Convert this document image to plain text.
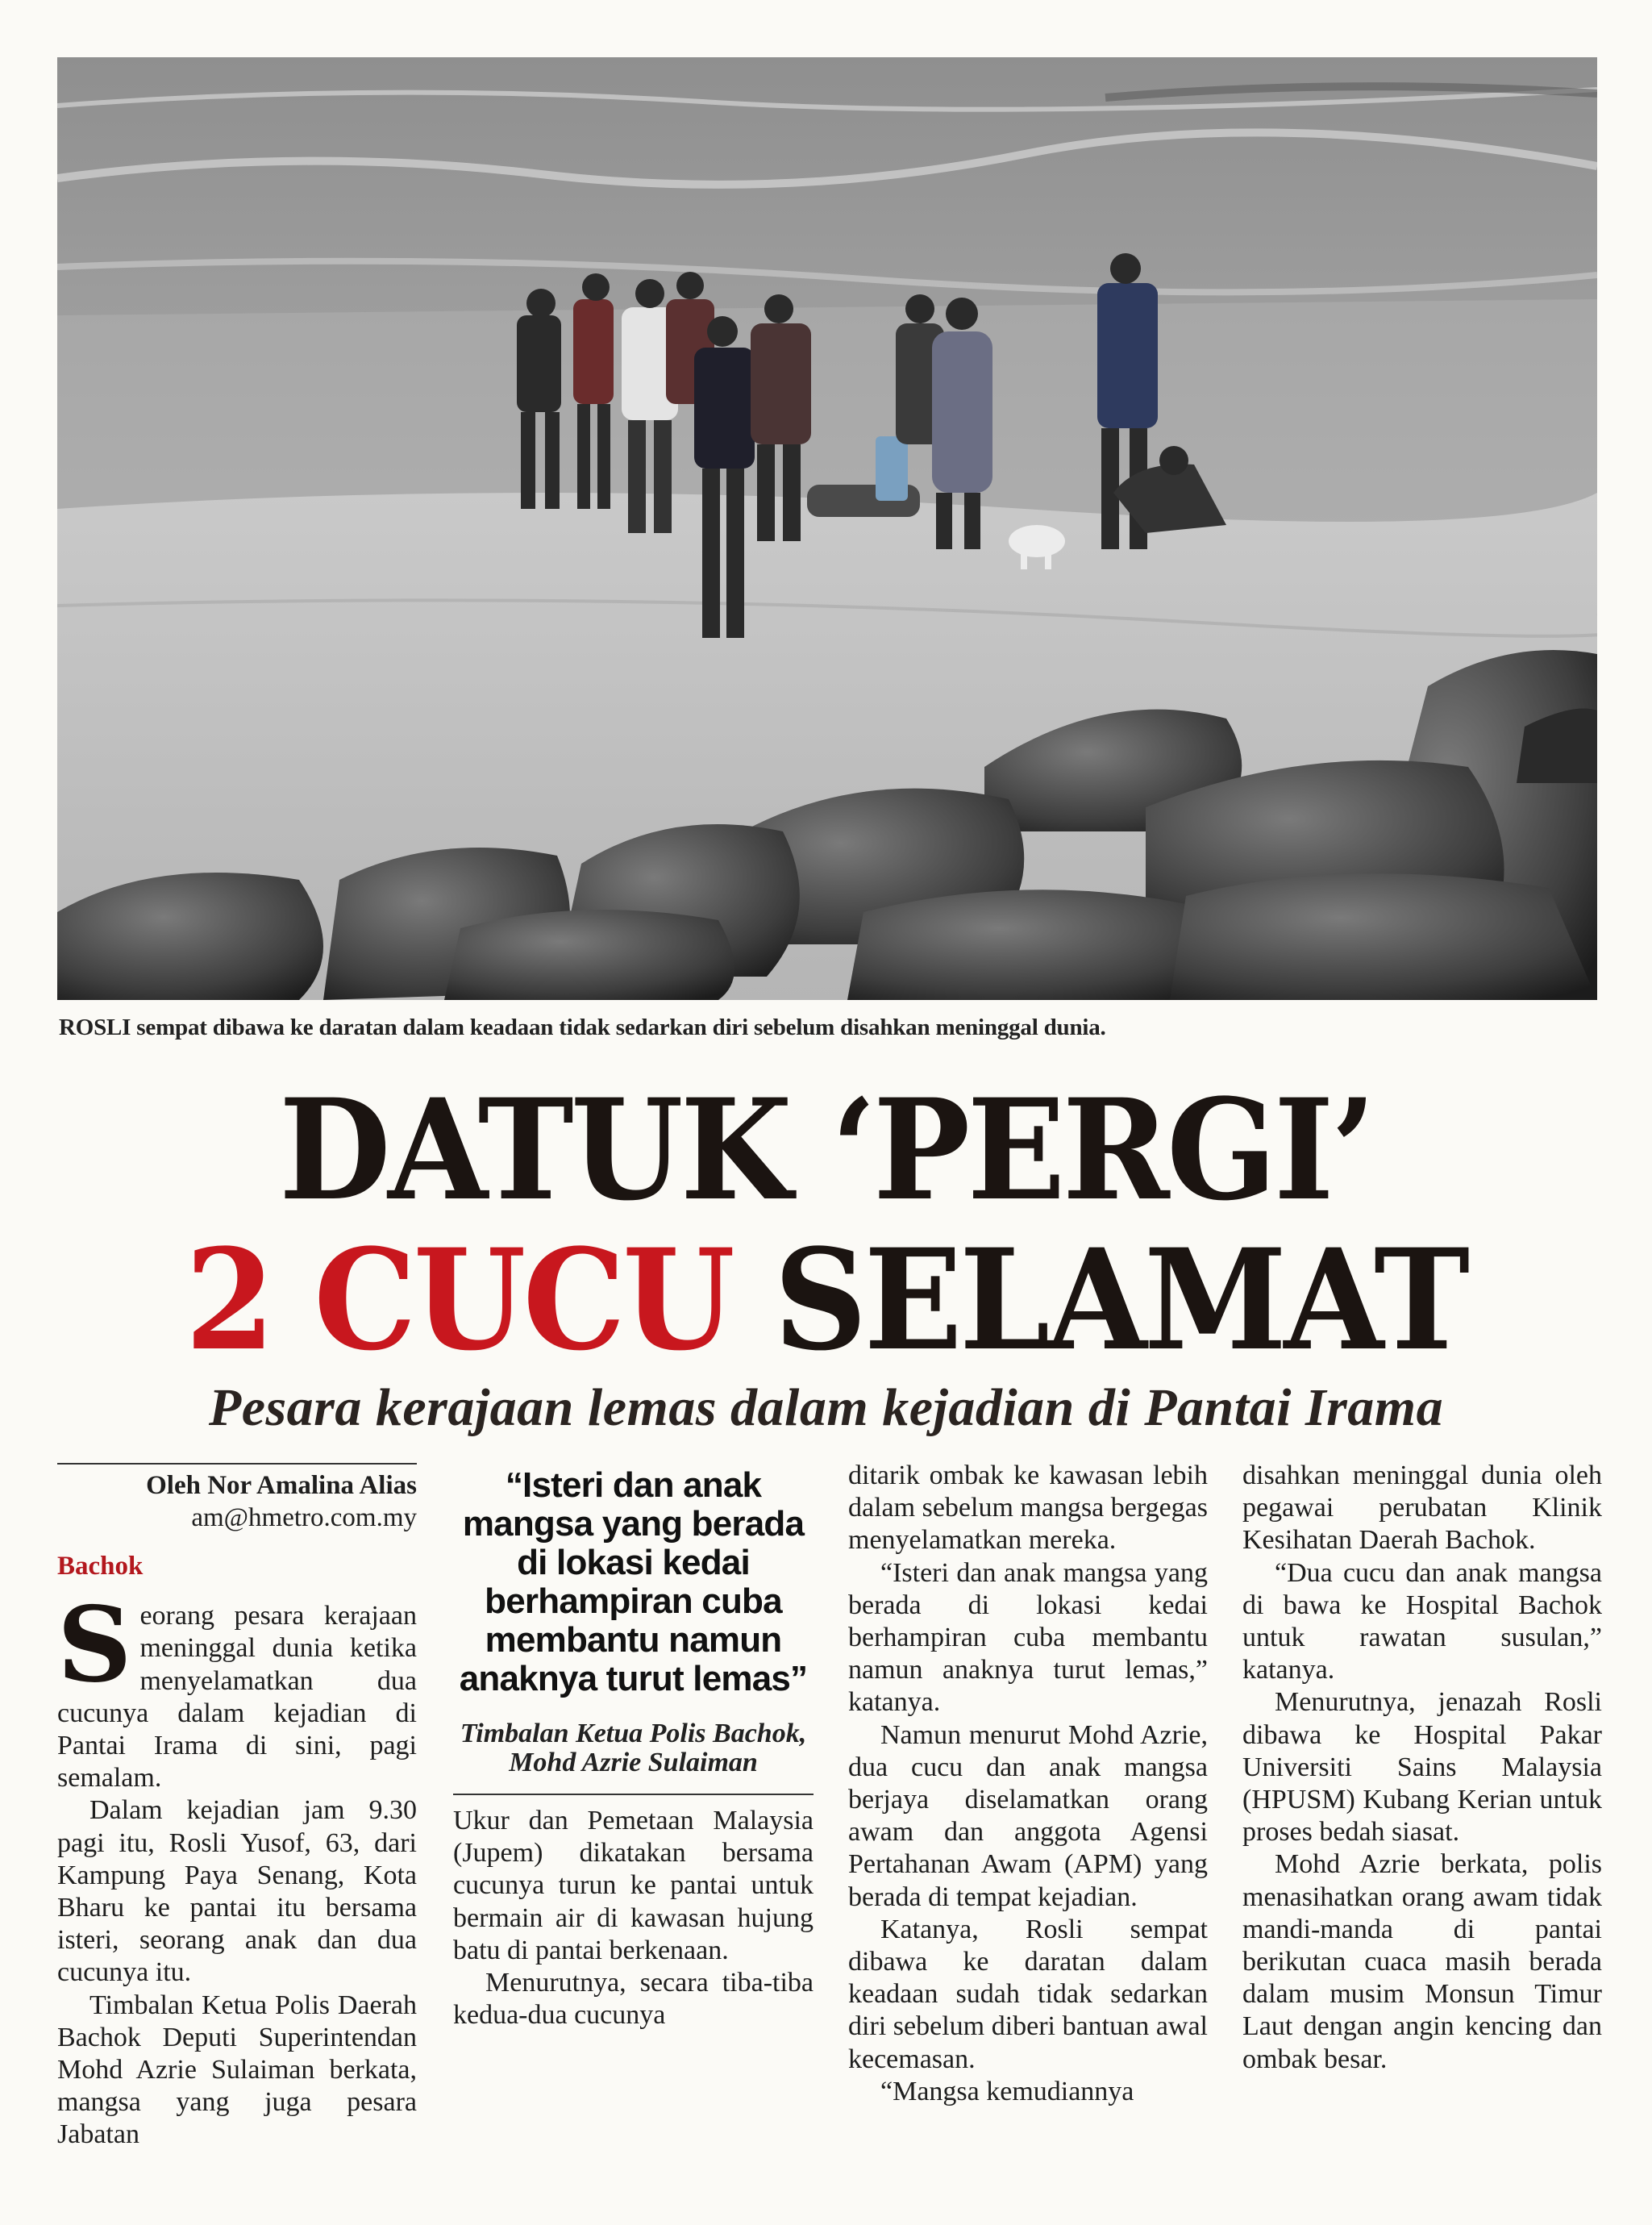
ROSLI sempat dibawa ke daratan dalam keadaan tidak sedarkan diri sebelum disahkan meninggal dunia.
DATUK ‘PERGI’
2 CUCU SELAMAT
Pesara kerajaan lemas dalam kejadian di Pantai Irama
Oleh Nor Amalina Alias
am@hmetro.com.my
Bachok

Seorang pesara kerajaan meninggal dunia ketika menyelamatkan dua cucunya dalam kejadian di Pantai Irama di sini, pagi semalam.

Dalam kejadian jam 9.30 pagi itu, Rosli Yusof, 63, dari Kampung Paya Senang, Kota Bharu ke pantai itu bersama isteri, seorang anak dan dua cucunya itu.

Timbalan Ketua Polis Daerah Bachok Deputi Superintendan Mohd Azrie Sulaiman berkata, mangsa yang juga pesara Jabatan

“Isteri dan anak mangsa yang berada di lokasi kedai berhampiran cuba membantu namun anaknya turut lemas”
Timbalan Ketua Polis Bachok, Mohd Azrie Sulaiman

Ukur dan Pemetaan Malaysia (Jupem) dikatakan bersama cucunya turun ke pantai untuk bermain air di kawasan hujung batu di pantai berkenaan.

Menurutnya, secara tiba-tiba kedua-dua cucunya

ditarik ombak ke kawasan lebih dalam sebelum mangsa bergegas menyelamatkan mereka.

“Isteri dan anak mangsa yang berada di lokasi kedai berhampiran cuba membantu namun anaknya turut lemas,” katanya.

Namun menurut Mohd Azrie, dua cucu dan anak mangsa berjaya diselamatkan orang awam dan anggota Agensi Pertahanan Awam (APM) yang berada di tempat kejadian.

Katanya, Rosli sempat dibawa ke daratan dalam keadaan sudah tidak sedarkan diri sebelum diberi bantuan awal kecemasan.

“Mangsa kemudiannya

disahkan meninggal dunia oleh pegawai perubatan Klinik Kesihatan Daerah Bachok.

“Dua cucu dan anak mangsa di bawa ke Hospital Bachok untuk rawatan susulan,” katanya.

Menurutnya, jenazah Rosli dibawa ke Hospital Pakar Universiti Sains Malaysia (HPUSM) Kubang Kerian untuk proses bedah siasat.

Mohd Azrie berkata, polis menasihatkan orang awam tidak mandi-manda di pantai berikutan cuaca masih berada dalam musim Monsun Timur Laut dengan angin kencing dan ombak besar.
